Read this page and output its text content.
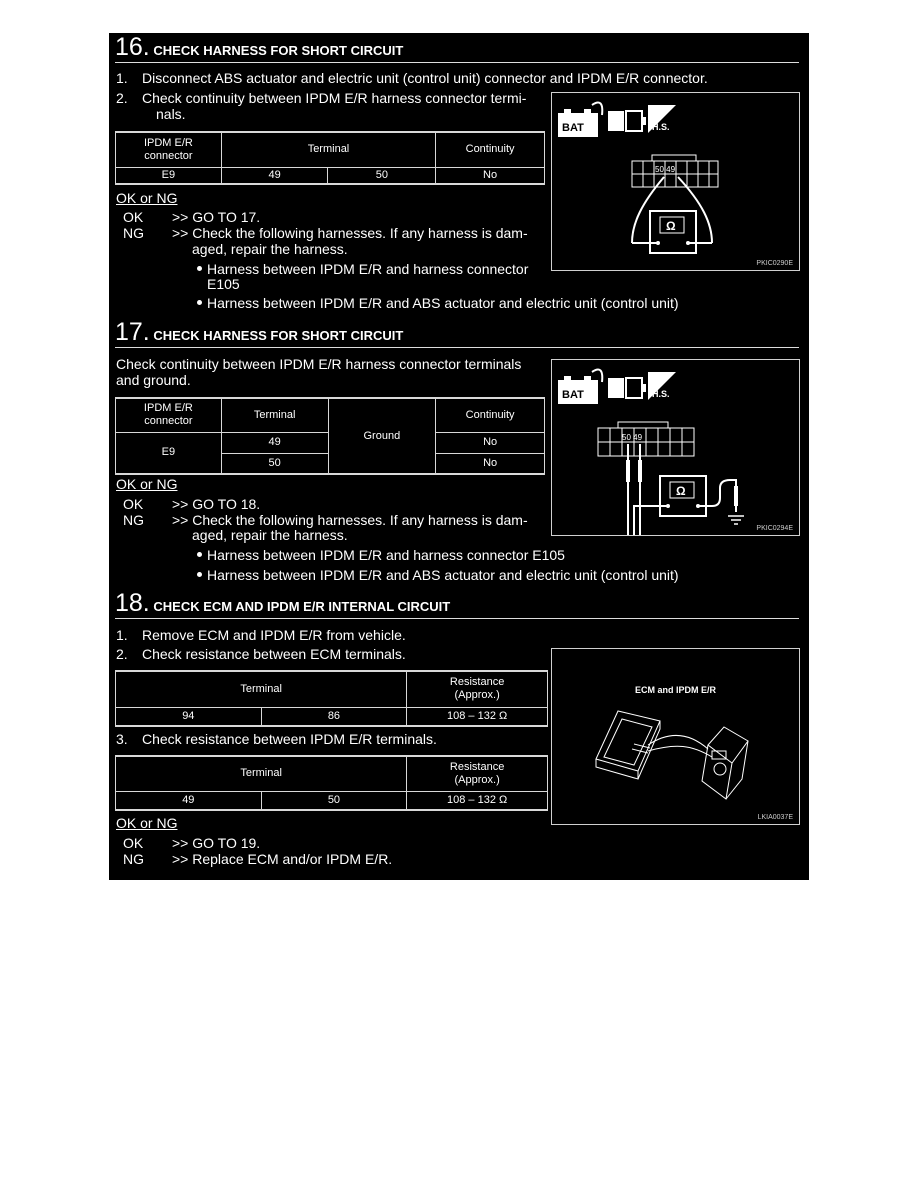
16. CHECK HARNESS FOR SHORT CIRCUIT
1. Disconnect ABS actuator and electric unit (control unit) connector and IPDM E/R connector.
2. Check continuity between IPDM E/R harness connector termi-
nals.
IPDM E/R
connector	Terminal		Continuity
E9	49	50	No
OK or NG
OK >> GO TO 17.
NG >> Check the following harnesses. If any harness is dam-
aged, repair the harness.
Harness between IPDM E/R and harness connector
E105
Harness between IPDM E/R and ABS actuator and electric unit (control unit)
BAT	H.S.
50 49
Ω
PKIC0290E
17. CHECK HARNESS FOR SHORT CIRCUIT
Check continuity between IPDM E/R harness connector terminals
and ground.
IPDM E/R
connector	Terminal	Ground	Continuity
E9	49		No
	50		No
OK or NG
OK >> GO TO 18.
NG >> Check the following harnesses. If any harness is dam-
aged, repair the harness.
Harness between IPDM E/R and harness connector E105
Harness between IPDM E/R and ABS actuator and electric unit (control unit)
BAT	H.S.
50 49
Ω
PKIC0294E
18. CHECK ECM AND IPDM E/R INTERNAL CIRCUIT
1. Remove ECM and IPDM E/R from vehicle.
2. Check resistance between ECM terminals.
Terminal		Resistance
(Approx.)

94	86	108 – 132 Ω
3. Check resistance between IPDM E/R terminals.
Terminal		Resistance
(Approx.)

49	50	108 – 132 Ω
OK or NG
OK >> GO TO 19.
NG >> Replace ECM and/or IPDM E/R.
ECM and IPDM E/R
LKIA0037E
